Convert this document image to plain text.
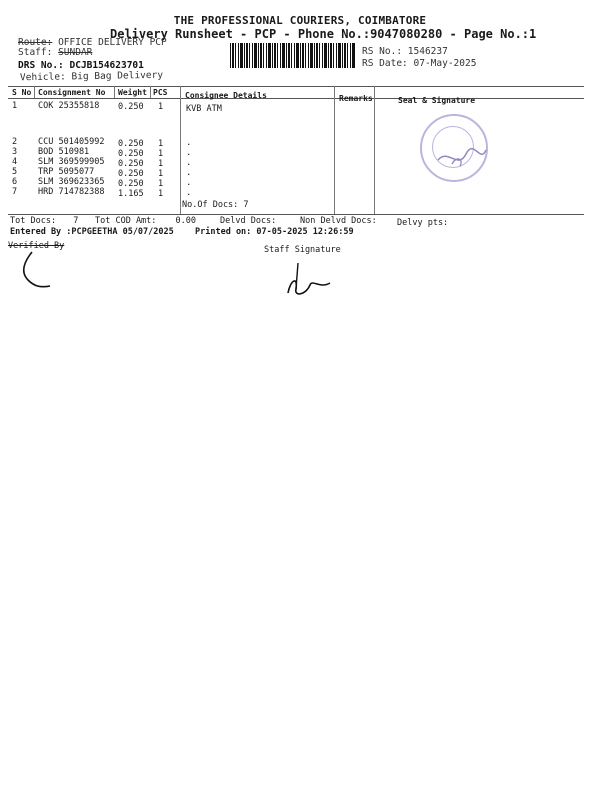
THE PROFESSIONAL COURIERS, COIMBATORE
Delivery Runsheet - PCP - Phone No.:9047080280 - Page No.:1
Route: OFFICE DELIVERY PCP
Staff: SUNDAR
DRS No.: DCJB154623701
Vehicle: Big Bag Delivery
RS No.: 1546237
RS Date: 07-May-2025
S No Consignment No Weight PCS Consignee Details	Remarks	Seal & Signature
1 COK 25355818 0.250 1	KVB ATM
2 CCU 501405992 0.250 1	.
3 BOD 510981	0.250 1	.
4 SLM 369599905 0.250 1	.
5 TRP 5095077	0.250 1	.
6 SLM 369623365 0.250 1	.
7 HRD 714782388 1.165 1	.
No.Of Docs: 7
Tot Docs: 7 Tot COD Amt: 0.00	Delvd Docs:	Non Delvd Docs: Delvy pts:
Entered By :PCPGEETHA 05/07/2025 Printed on: 07-05-2025 12:26:59
Verified By	Staff Signature
